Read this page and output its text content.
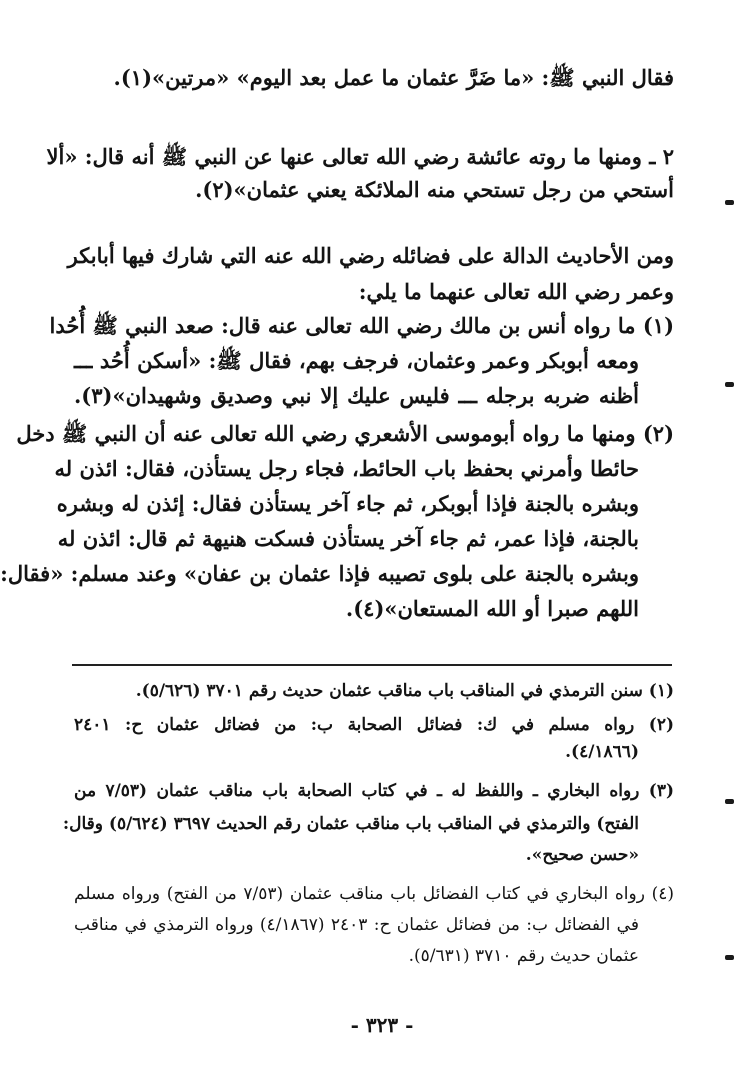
فقال النبي ﷺ: «ما ضَرَّ عثمان ما عمل بعد اليوم» «مرتين»(١).
٢ ـ ومنها ما روته عائشة رضي الله تعالى عنها عن النبي ﷺ أنه قال: «ألا
أستحي من رجل تستحي منه الملائكة يعني عثمان»(٢).
ومن الأحاديث الدالة على فضائله رضي الله عنه التي شارك فيها أبابكر
وعمر رضي الله تعالى عنهما ما يلي:
(١) ما رواه أنس بن مالك رضي الله تعالى عنه قال: صعد النبي ﷺ أُحُدا
ومعه أبوبكر وعمر وعثمان، فرجف بهم، فقال ﷺ: «أسكن أُحُد ـــ
أظنه ضربه برجله ـــ فليس عليك إلا نبي وصديق وشهيدان»(٣).
(٢) ومنها ما رواه أبوموسى الأشعري رضي الله تعالى عنه أن النبي ﷺ دخل
حائطا وأمرني بحفظ باب الحائط، فجاء رجل يستأذن، فقال: ائذن له
وبشره بالجنة فإذا أبوبكر، ثم جاء آخر يستأذن فقال: إئذن له وبشره
بالجنة، فإذا عمر، ثم جاء آخر يستأذن فسكت هنيهة ثم قال: ائذن له
وبشره بالجنة على بلوى تصيبه فإذا عثمان بن عفان» وعند مسلم: «فقال:
اللهم صبرا أو الله المستعان»(٤).
(١) سنن الترمذي في المناقب باب مناقب عثمان حديث رقم ٣٧٠١ (٥/٦٢٦).
(٢) رواه مسلم في ك: فضائل الصحابة ب: من فضائل عثمان ح: ٢٤٠١
(٤/١٨٦٦).
(٣) رواه البخاري ـ واللفظ له ـ في كتاب الصحابة باب مناقب عثمان (٧/٥٣ من
الفتح) والترمذي في المناقب باب مناقب عثمان رقم الحديث ٣٦٩٧ (٥/٦٢٤) وقال:
«حسن صحيح».
(٤) رواه البخاري في كتاب الفضائل باب مناقب عثمان (٧/٥٣ من الفتح) ورواه مسلم
في الفضائل ب: من فضائل عثمان ح: ٢٤٠٣ (٤/١٨٦٧) ورواه الترمذي في مناقب
عثمان حديث رقم ٣٧١٠ (٥/٦٣١).
- ٣٢٣ -
